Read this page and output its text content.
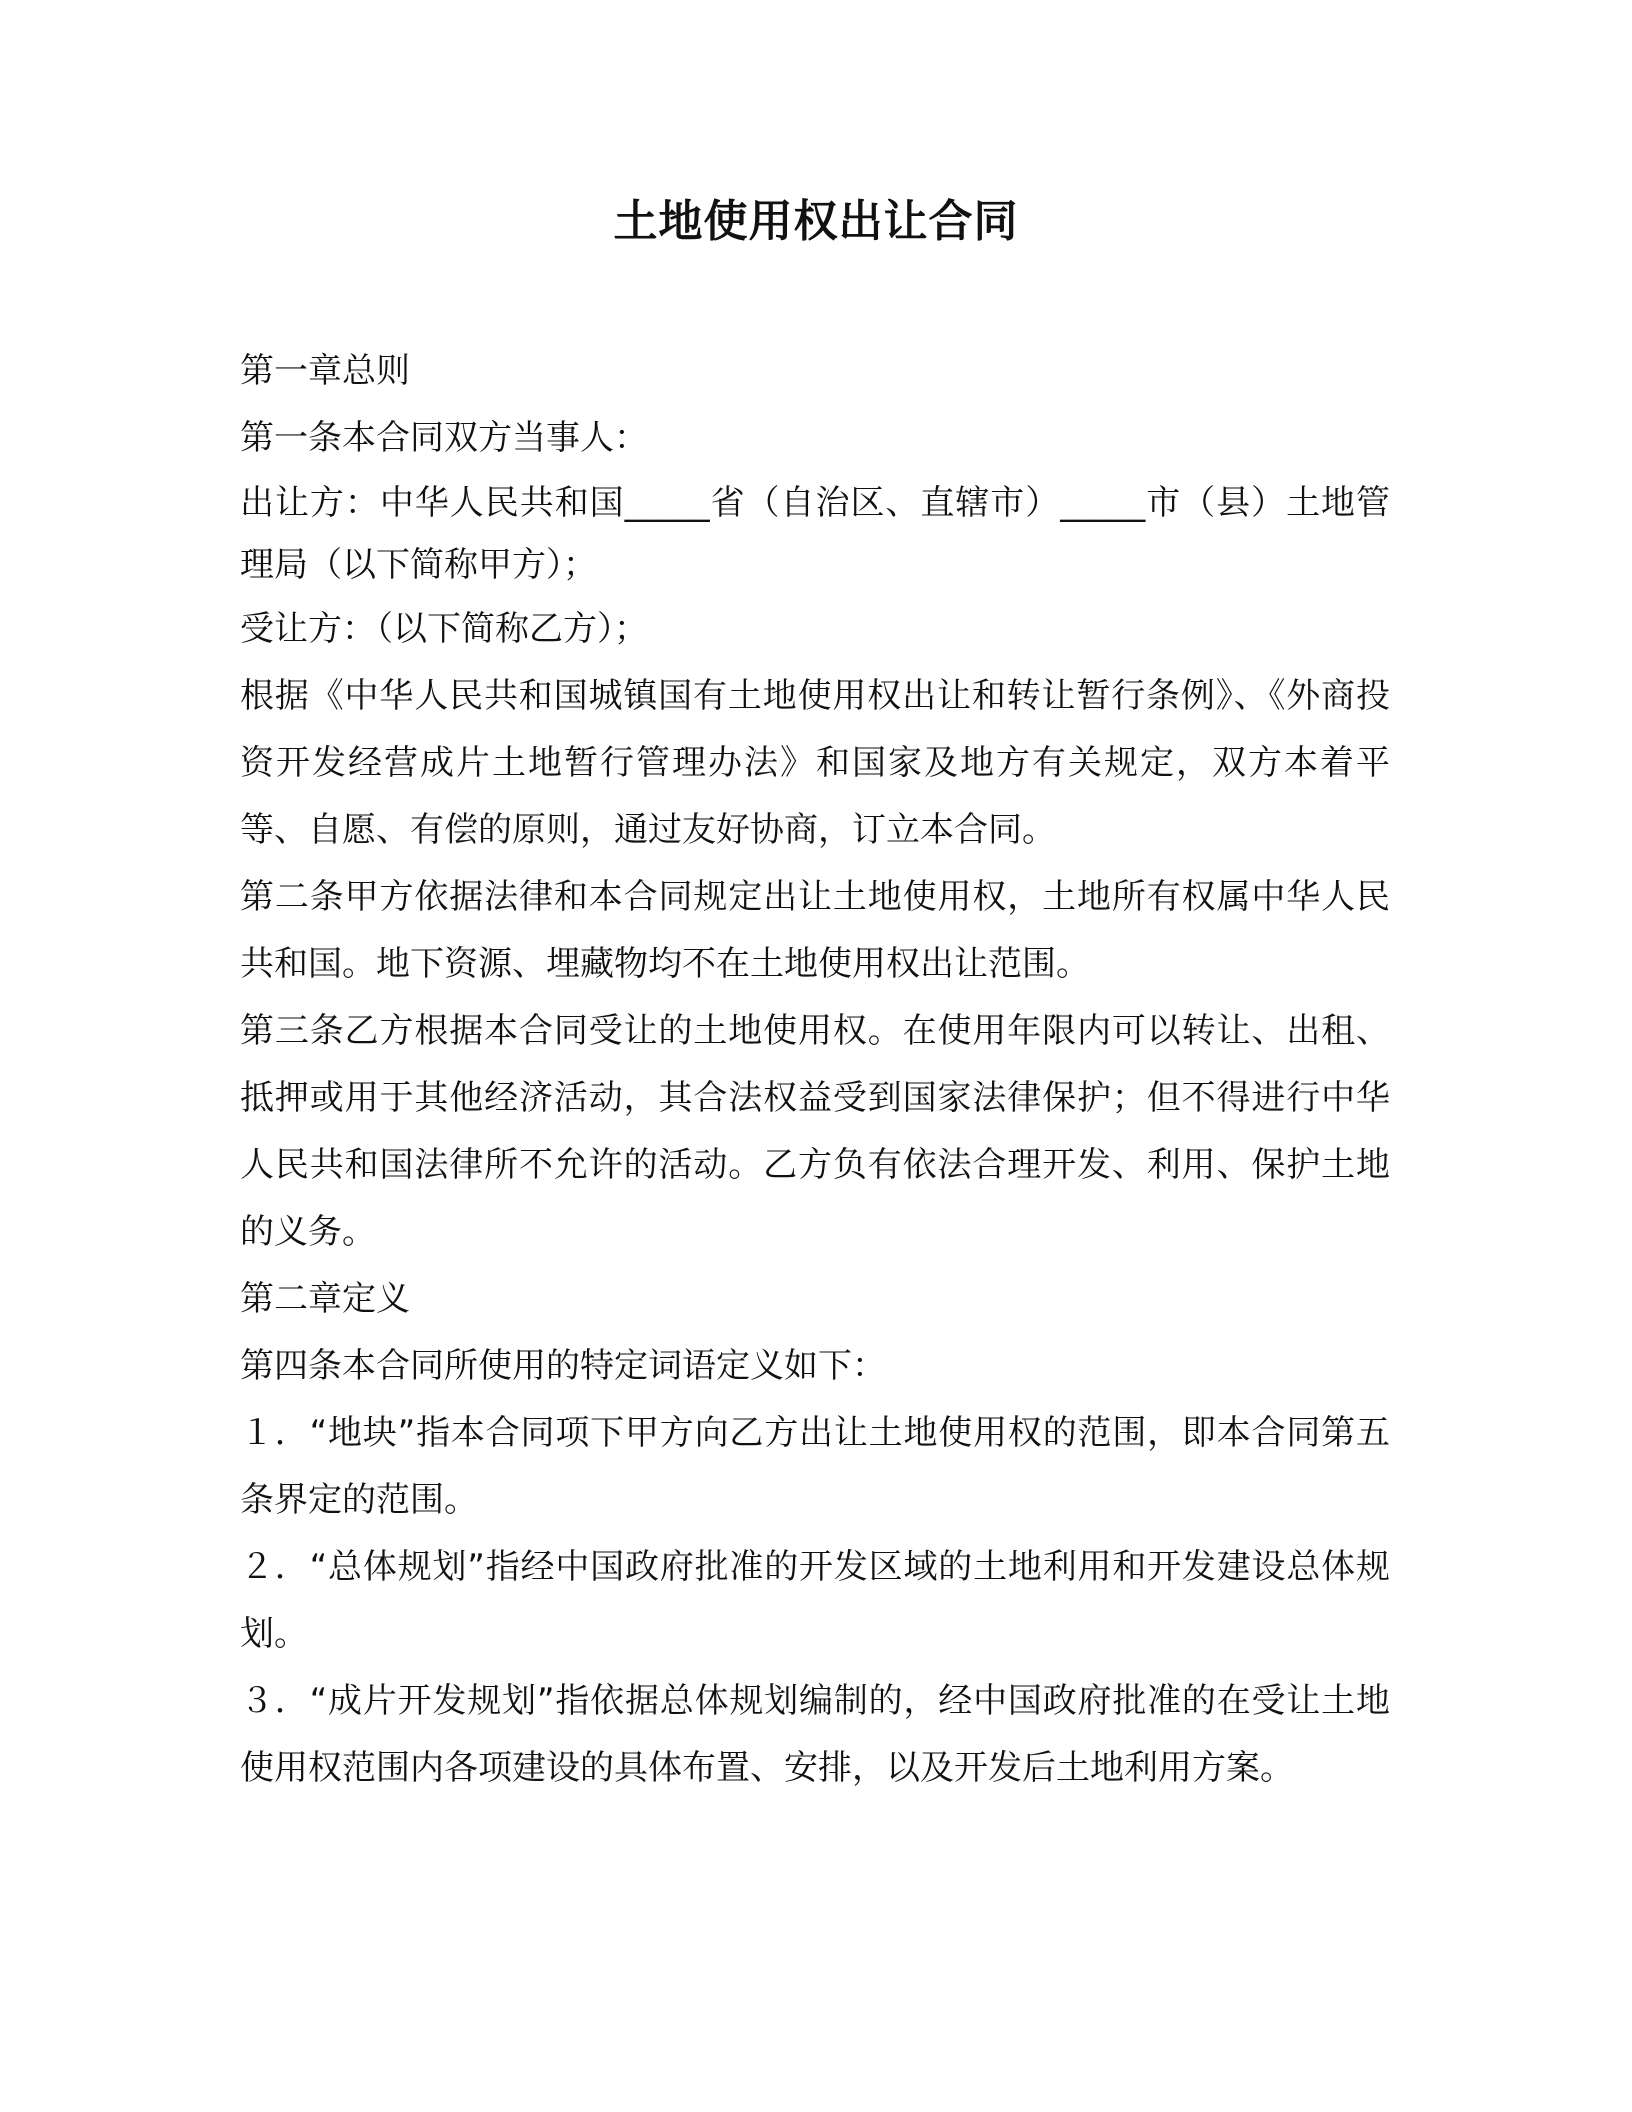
土地使用权出让合同

第一章总则

第一条本合同双方当事人：

出让方：中华人民共和国_____省（自治区、直辖市）_____市（县）土地管理局（以下简称甲方）；

受让方：（以下简称乙方）；

根据《中华人民共和国城镇国有土地使用权出让和转让暂行条例》、《外商投资开发经营成片土地暂行管理办法》和国家及地方有关规定，双方本着平等、自愿、有偿的原则，通过友好协商，订立本合同。

第二条甲方依据法律和本合同规定出让土地使用权，土地所有权属中华人民共和国。地下资源、埋藏物均不在土地使用权出让范围。

第三条乙方根据本合同受让的土地使用权。在使用年限内可以转让、出租、抵押或用于其他经济活动，其合法权益受到国家法律保护；但不得进行中华人民共和国法律所不允许的活动。乙方负有依法合理开发、利用、保护土地的义务。

第二章定义

第四条本合同所使用的特定词语定义如下：

１．“地块”指本合同项下甲方向乙方出让土地使用权的范围，即本合同第五条界定的范围。

２．“总体规划”指经中国政府批准的开发区域的土地利用和开发建设总体规划。

３．“成片开发规划”指依据总体规划编制的，经中国政府批准的在受让土地使用权范围内各项建设的具体布置、安排，以及开发后土地利用方案。
